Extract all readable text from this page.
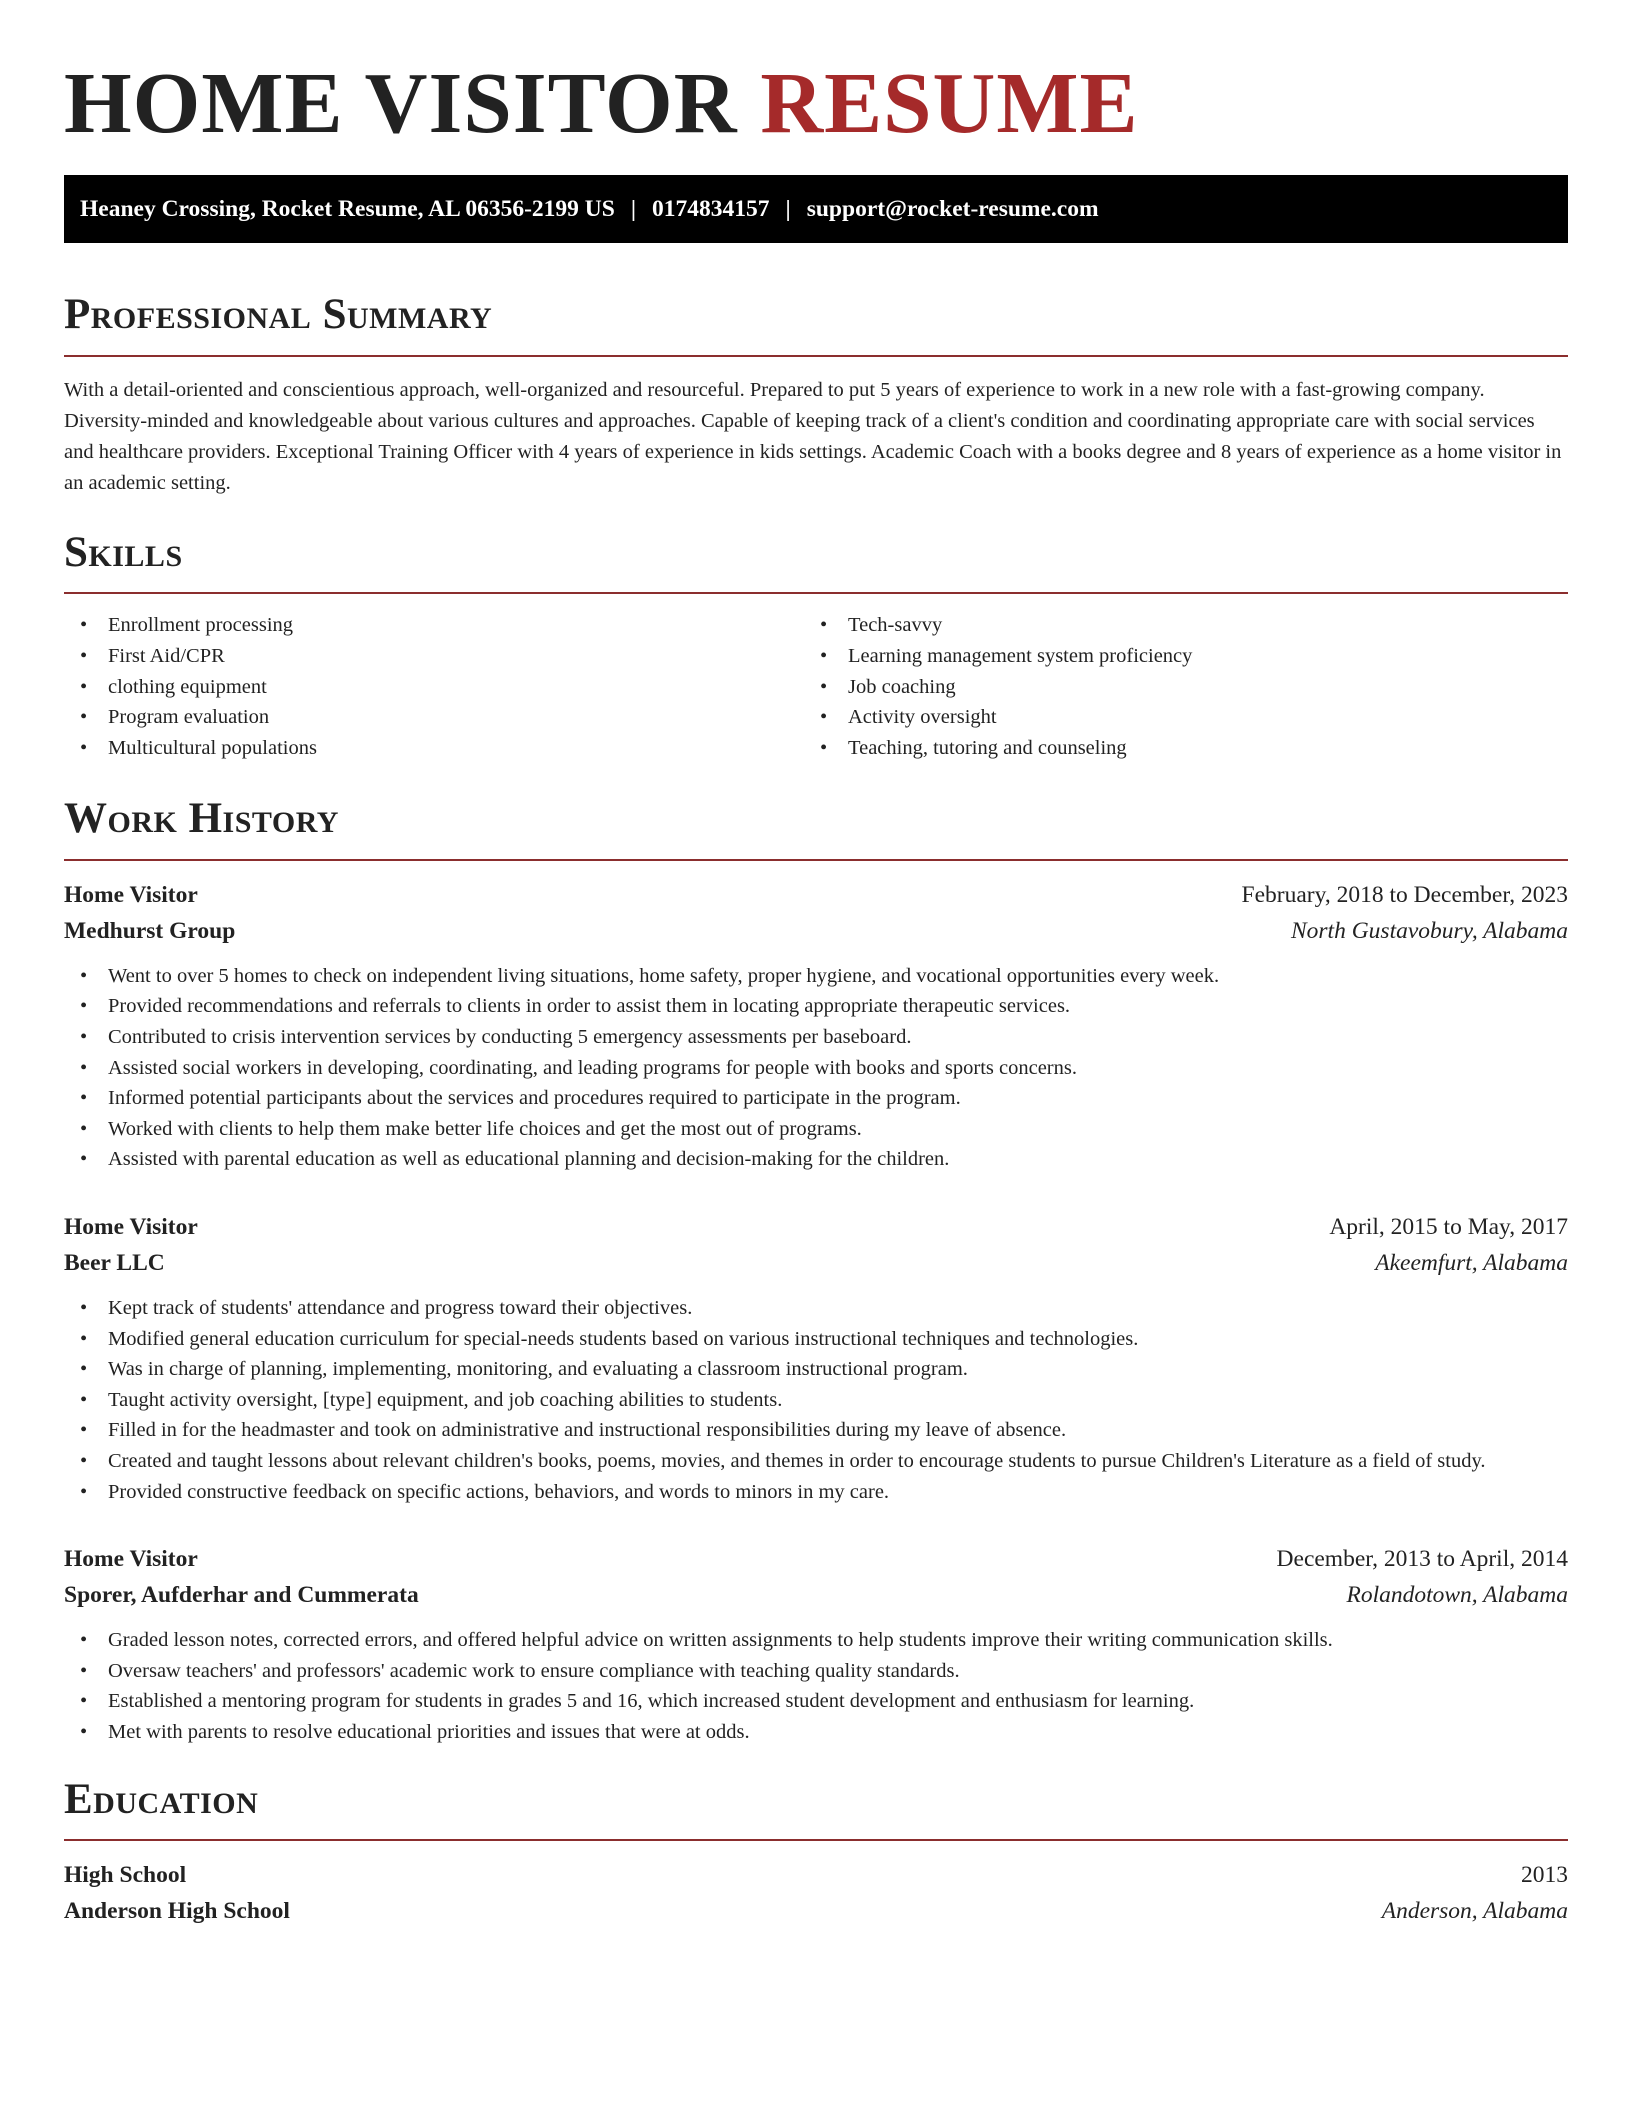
HOME VISITOR RESUME
Heaney Crossing, Rocket Resume, AL 06356-2199 US | 0174834157 | support@rocket-resume.com
Professional Summary

With a detail-oriented and conscientious approach, well-organized and resourceful. Prepared to put 5 years of experience to work in a new role with a fast-growing company. Diversity-minded and knowledgeable about various cultures and approaches. Capable of keeping track of a client's condition and coordinating appropriate care with social services and healthcare providers. Exceptional Training Officer with 4 years of experience in kids settings. Academic Coach with a books degree and 8 years of experience as a home visitor in an academic setting.

Skills
• Enrollment processing
• First Aid/CPR
• clothing equipment
• Program evaluation
• Multicultural populations
• Tech-savvy
• Learning management system proficiency
• Job coaching
• Activity oversight
• Teaching, tutoring and counseling
Work History
Home Visitor	February, 2018 to December, 2023
Medhurst Group	North Gustavobury, Alabama
• Went to over 5 homes to check on independent living situations, home safety, proper hygiene, and vocational opportunities every week.
• Provided recommendations and referrals to clients in order to assist them in locating appropriate therapeutic services.
• Contributed to crisis intervention services by conducting 5 emergency assessments per baseboard.
• Assisted social workers in developing, coordinating, and leading programs for people with books and sports concerns.
• Informed potential participants about the services and procedures required to participate in the program.
• Worked with clients to help them make better life choices and get the most out of programs.
• Assisted with parental education as well as educational planning and decision-making for the children.
Home Visitor	April, 2015 to May, 2017
Beer LLC	Akeemfurt, Alabama
• Kept track of students' attendance and progress toward their objectives.
• Modified general education curriculum for special-needs students based on various instructional techniques and technologies.
• Was in charge of planning, implementing, monitoring, and evaluating a classroom instructional program.
• Taught activity oversight, [type] equipment, and job coaching abilities to students.
• Filled in for the headmaster and took on administrative and instructional responsibilities during my leave of absence.
• Created and taught lessons about relevant children's books, poems, movies, and themes in order to encourage students to pursue Children's Literature as a field of study.
• Provided constructive feedback on specific actions, behaviors, and words to minors in my care.
Home Visitor	December, 2013 to April, 2014
Sporer, Aufderhar and Cummerata	Rolandotown, Alabama
• Graded lesson notes, corrected errors, and offered helpful advice on written assignments to help students improve their writing communication skills.
• Oversaw teachers' and professors' academic work to ensure compliance with teaching quality standards.
• Established a mentoring program for students in grades 5 and 16, which increased student development and enthusiasm for learning.
• Met with parents to resolve educational priorities and issues that were at odds.
Education
High School	2013
Anderson High School	Anderson, Alabama
